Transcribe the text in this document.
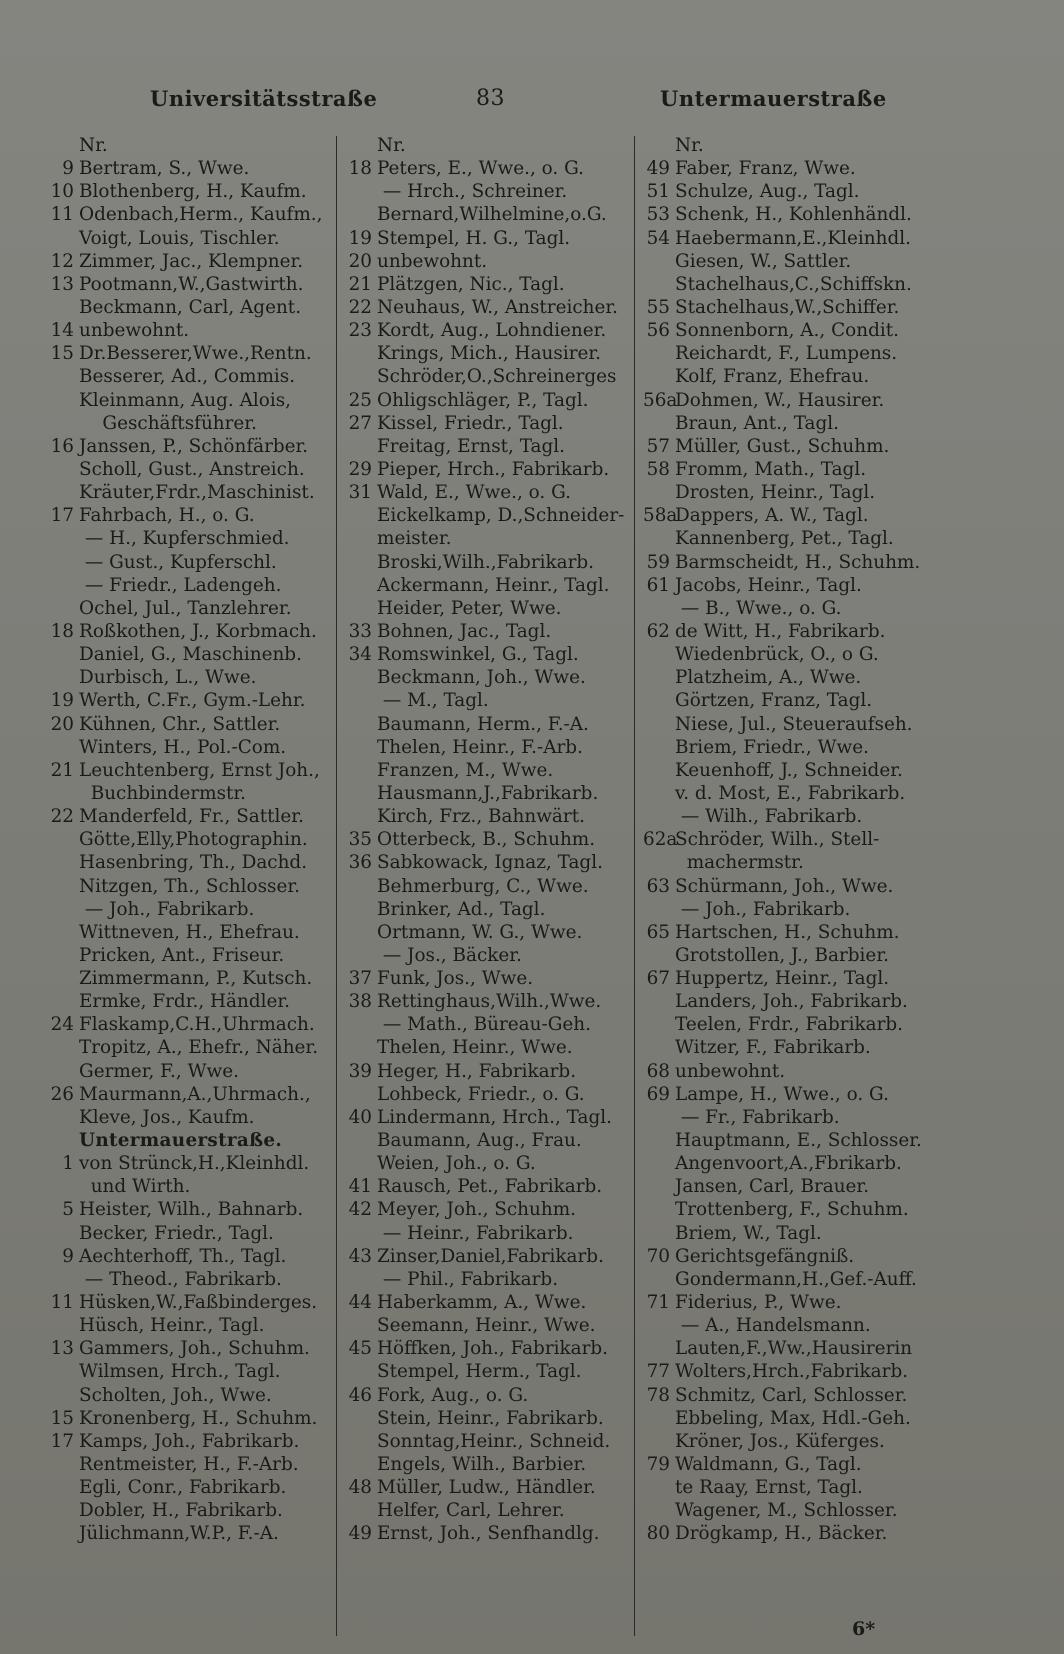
Universitätsstraße	83	Untermauerstraße
Nr.
9 Bertram, S., Wwe.
10 Blothenberg, H., Kaufm.
11 Odenbach,Herm., Kaufm.,
Voigt, Louis, Tischler.
12 Zimmer, Jac., Klempner.
13 Pootmann,W.,Gastwirth.
Beckmann, Carl, Agent.
14 unbewohnt.
15 Dr.Besserer,Wwe.,Rentn.
Besserer, Ad., Commis.
Kleinmann, Aug. Alois,
Geschäftsführer.
16 Janssen, P., Schönfärber.
Scholl, Gust., Anstreich.
Kräuter,Frdr.,Maschinist.
17 Fahrbach, H., o. G.
— H., Kupferschmied.
— Gust., Kupferschl.
— Friedr., Ladengeh.
Ochel, Jul., Tanzlehrer.
18 Roßkothen, J., Korbmach.
Daniel, G., Maschinenb.
Durbisch, L., Wwe.
19 Werth, C.Fr., Gym.-Lehr.
20 Kühnen, Chr., Sattler.
Winters, H., Pol.-Com.
21 Leuchtenberg, Ernst Joh.,
Buchbindermstr.
22 Manderfeld, Fr., Sattler.
Götte,Elly,Photographin.
Hasenbring, Th., Dachd.
Nitzgen, Th., Schlosser.
— Joh., Fabrikarb.
Wittneven, H., Ehefrau.
Pricken, Ant., Friseur.
Zimmermann, P., Kutsch.
Ermke, Frdr., Händler.
24 Flaskamp,C.H.,Uhrmach.
Tropitz, A., Ehefr., Näher.
Germer, F., Wwe.
26 Maurmann,A.,Uhrmach.,
Kleve, Jos., Kaufm.
Untermauerstraße.
1 von Strünck,H.,Kleinhdl.
und Wirth.
5 Heister, Wilh., Bahnarb.
Becker, Friedr., Tagl.
9 Aechterhoff, Th., Tagl.
— Theod., Fabrikarb.
11 Hüsken,W.,Faßbinderges.
Hüsch, Heinr., Tagl.
13 Gammers, Joh., Schuhm.
Wilmsen, Hrch., Tagl.
Scholten, Joh., Wwe.
15 Kronenberg, H., Schuhm.
17 Kamps, Joh., Fabrikarb.
Rentmeister, H., F.-Arb.
Egli, Conr., Fabrikarb.
Dobler, H., Fabrikarb.
Jülichmann,W.P., F.-A.
Nr.
18 Peters, E., Wwe., o. G.
— Hrch., Schreiner.
Bernard,Wilhelmine,o.G.
19 Stempel, H. G., Tagl.
20 unbewohnt.
21 Plätzgen, Nic., Tagl.
22 Neuhaus, W., Anstreicher.
23 Kordt, Aug., Lohndiener.
Krings, Mich., Hausirer.
Schröder,O.,Schreinerges
25 Ohligschläger, P., Tagl.
27 Kissel, Friedr., Tagl.
Freitag, Ernst, Tagl.
29 Pieper, Hrch., Fabrikarb.
31 Wald, E., Wwe., o. G.
Eickelkamp, D.,Schneider-
meister.
Broski,Wilh.,Fabrikarb.
Ackermann, Heinr., Tagl.
Heider, Peter, Wwe.
33 Bohnen, Jac., Tagl.
34 Romswinkel, G., Tagl.
Beckmann, Joh., Wwe.
— M., Tagl.
Baumann, Herm., F.-A.
Thelen, Heinr., F.-Arb.
Franzen, M., Wwe.
Hausmann,J.,Fabrikarb.
Kirch, Frz., Bahnwärt.
35 Otterbeck, B., Schuhm.
36 Sabkowack, Ignaz, Tagl.
Behmerburg, C., Wwe.
Brinker, Ad., Tagl.
Ortmann, W. G., Wwe.
— Jos., Bäcker.
37 Funk, Jos., Wwe.
38 Rettinghaus,Wilh.,Wwe.
— Math., Büreau-Geh.
Thelen, Heinr., Wwe.
39 Heger, H., Fabrikarb.
Lohbeck, Friedr., o. G.
40 Lindermann, Hrch., Tagl.
Baumann, Aug., Frau.
Weien, Joh., o. G.
41 Rausch, Pet., Fabrikarb.
42 Meyer, Joh., Schuhm.
— Heinr., Fabrikarb.
43 Zinser,Daniel,Fabrikarb.
— Phil., Fabrikarb.
44 Haberkamm, A., Wwe.
Seemann, Heinr., Wwe.
45 Höffken, Joh., Fabrikarb.
Stempel, Herm., Tagl.
46 Fork, Aug., o. G.
Stein, Heinr., Fabrikarb.
Sonntag,Heinr., Schneid.
Engels, Wilh., Barbier.
48 Müller, Ludw., Händler.
Helfer, Carl, Lehrer.
49 Ernst, Joh., Senfhandlg.
Nr.
49 Faber, Franz, Wwe.
51 Schulze, Aug., Tagl.
53 Schenk, H., Kohlenhändl.
54 Haebermann,E.,Kleinhdl.
Giesen, W., Sattler.
Stachelhaus,C.,Schiffskn.
55 Stachelhaus,W.,Schiffer.
56 Sonnenborn, A., Condit.
Reichardt, F., Lumpens.
Kolf, Franz, Ehefrau.
56aDohmen, W., Hausirer.
Braun, Ant., Tagl.
57 Müller, Gust., Schuhm.
58 Fromm, Math., Tagl.
Drosten, Heinr., Tagl.
58aDappers, A. W., Tagl.
Kannenberg, Pet., Tagl.
59 Barmscheidt, H., Schuhm.
61 Jacobs, Heinr., Tagl.
— B., Wwe., o. G.
62 de Witt, H., Fabrikarb.
Wiedenbrück, O., o G.
Platzheim, A., Wwe.
Görtzen, Franz, Tagl.
Niese, Jul., Steueraufseh.
Briem, Friedr., Wwe.
Keuenhoff, J., Schneider.
v. d. Most, E., Fabrikarb.
— Wilh., Fabrikarb.
62aSchröder, Wilh., Stell-
machermstr.
63 Schürmann, Joh., Wwe.
— Joh., Fabrikarb.
65 Hartschen, H., Schuhm.
Grotstollen, J., Barbier.
67 Huppertz, Heinr., Tagl.
Landers, Joh., Fabrikarb.
Teelen, Frdr., Fabrikarb.
Witzer, F., Fabrikarb.
68 unbewohnt.
69 Lampe, H., Wwe., o. G.
— Fr., Fabrikarb.
Hauptmann, E., Schlosser.
Angenvoort,A.,Fbrikarb.
Jansen, Carl, Brauer.
Trottenberg, F., Schuhm.
Briem, W., Tagl.
70 Gerichtsgefängniß.
Gondermann,H.,Gef.-Auff.
71 Fiderius, P., Wwe.
— A., Handelsmann.
Lauten,F.,Ww.,Hausirerin
77 Wolters,Hrch.,Fabrikarb.
78 Schmitz, Carl, Schlosser.
Ebbeling, Max, Hdl.-Geh.
Kröner, Jos., Küferges.
79 Waldmann, G., Tagl.
te Raay, Ernst, Tagl.
Wagener, M., Schlosser.
80 Drögkamp, H., Bäcker.
6*
